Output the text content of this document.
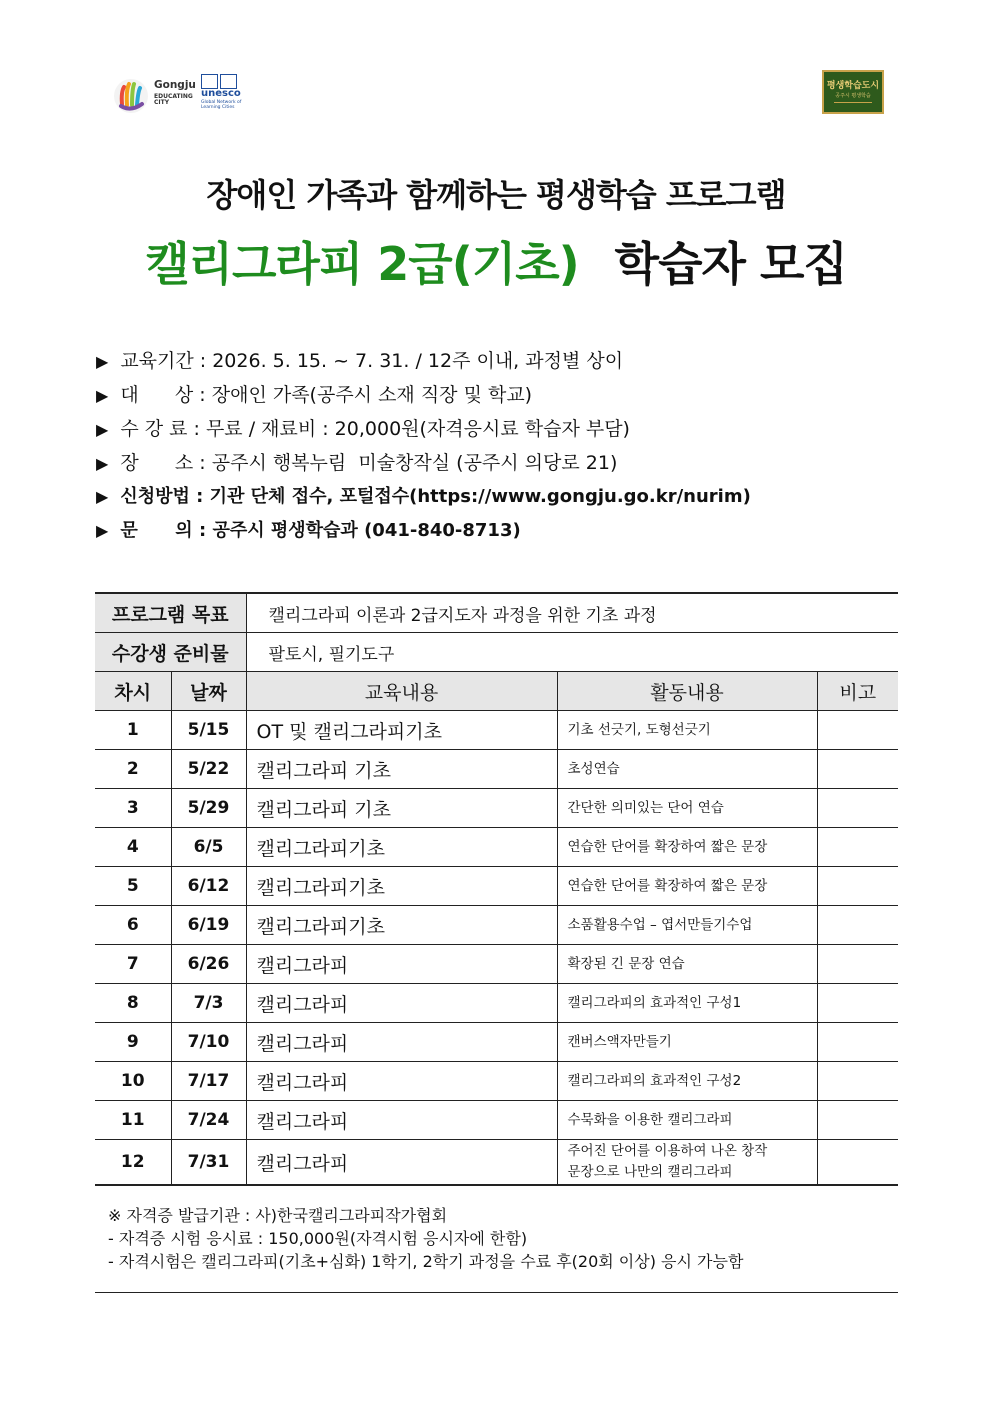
Gongju
EDUCATING CITY
unesco
Global Network of Learning Cities
평생학습도시
공주시 평생학습
장애인 가족과 함께하는 평생학습 프로그램
캘리그라피 2급(기초) 학습자 모집
▶ 교육기간 : 2026. 5. 15. ~ 7. 31. / 12주 이내, 과정별 상이
▶ 대      상 : 장애인 가족(공주시 소재 직장 및 학교)
▶ 수 강 료 : 무료 / 재료비 : 20,000원(자격응시료 학습자 부담)
▶ 장      소 : 공주시 행복누림  미술창작실 (공주시 의당로 21)
▶ 신청방법 : 기관 단체 접수, 포털접수(https://www.gongju.go.kr/nurim)
▶ 문      의 : 공주시 평생학습과 (041-840-8713)
프로그램 목표		캘리그라피 이론과 2급지도자 과정을 위한 기초 과정		
수강생 준비물		팔토시, 필기도구		
차시	날짜	교육내용	활동내용	비고
1	5/15	OT 및 캘리그라피기초	기초 선긋기, 도형선긋기	
2	5/22	캘리그라피 기초	초성연습	
3	5/29	캘리그라피 기초	간단한 의미있는 단어 연습	
4	6/5	캘리그라피기초	연습한 단어를 확장하여 짧은 문장	
5	6/12	캘리그라피기초	연습한 단어를 확장하여 짧은 문장	
6	6/19	캘리그라피기초	소품활용수업 – 엽서만들기수업	
7	6/26	캘리그라피	확장된 긴 문장 연습	
8	7/3	캘리그라피	캘리그라피의 효과적인 구성1	
9	7/10	캘리그라피	캔버스액자만들기	
10	7/17	캘리그라피	캘리그라피의 효과적인 구성2	
11	7/24	캘리그라피	수묵화을 이용한 캘리그라피	
12	7/31	캘리그라피	주어진 단어를 이용하여 나온 창작
문장으로 나만의 캘리그라피	

※ 자격증 발급기관 : 사)한국캘리그라피작가협회
- 자격증 시험 응시료 : 150,000원(자격시험 응시자에 한함)
- 자격시험은 캘리그라피(기초+심화) 1학기, 2학기 과정을 수료 후(20회 이상) 응시 가능함
